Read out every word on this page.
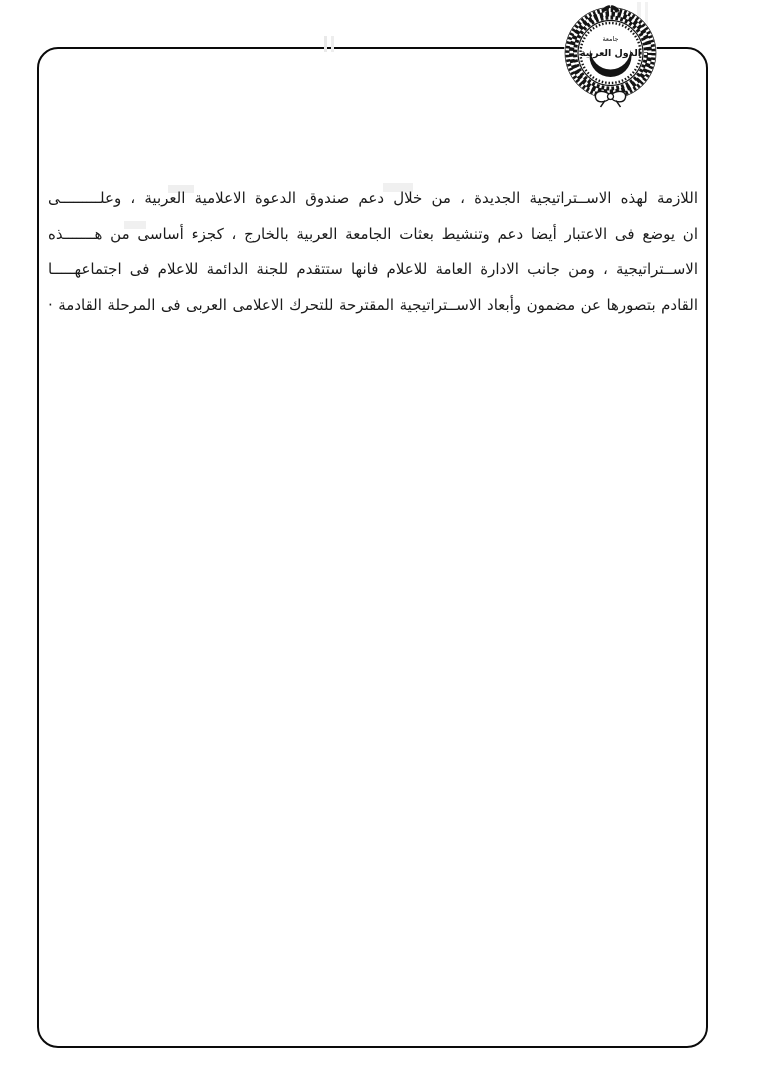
جامعة
الدول العربية

اللازمة لهذه الاســتراتيجية الجديدة ، من خلال دعم صندوق الدعوة الاعلامية العربية ، وعلـــــــــى

ان يوضع فى الاعتبار أيضا دعم وتنشيط بعثات الجامعة العربية بالخارج ، كجزء أساسى من هـــــــذه

الاســتراتيجية ، ومن جانب الادارة العامة للاعلام فانها ستتقدم للجنة الدائمة للاعلام فى اجتماعهـــــا

القادم بتصورها عن مضمون وأبعاد الاســتراتيجية المقترحة للتحرك الاعلامى العربى فى المرحلة القادمة ·
